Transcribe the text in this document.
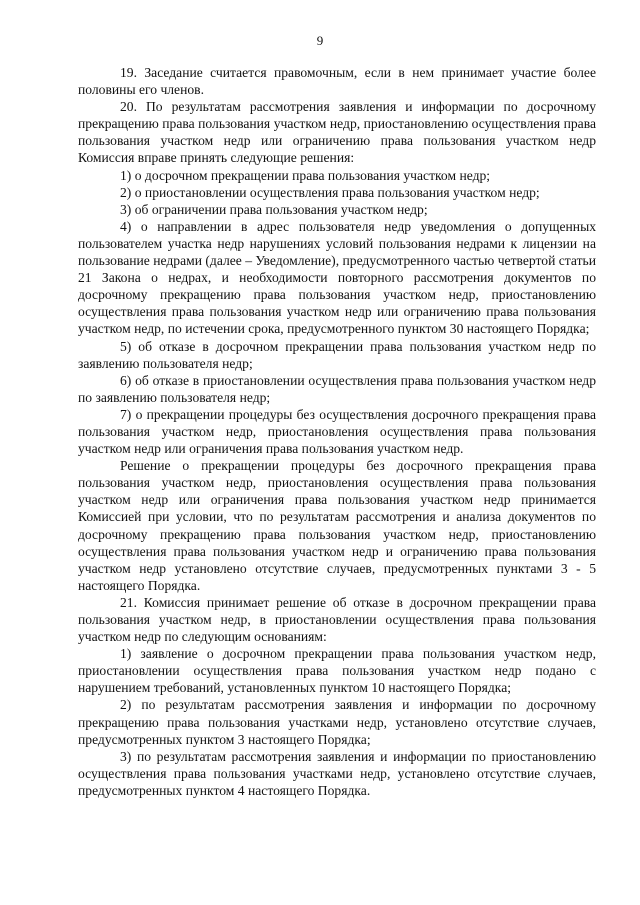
9

19. Заседание считается правомочным, если в нем принимает участие более половины его членов.

20. По результатам рассмотрения заявления и информации по досрочному прекращению права пользования участком недр, приостановлению осуществления права пользования участком недр или ограничению права пользования участком недр Комиссия вправе принять следующие решения:

1) о досрочном прекращении права пользования участком недр;

2) о приостановлении осуществления права пользования участком недр;

3) об ограничении права пользования участком недр;

4) о направлении в адрес пользователя недр уведомления о допущенных пользователем участка недр нарушениях условий пользования недрами к лицензии на пользование недрами (далее – Уведомление), предусмотренного частью четвертой статьи 21 Закона о недрах, и необходимости повторного рассмотрения документов по досрочному прекращению права пользования участком недр, приостановлению осуществления права пользования участком недр или ограничению права пользования участком недр, по истечении срока, предусмотренного пунктом 30 настоящего Порядка;

5) об отказе в досрочном прекращении права пользования участком недр по заявлению пользователя недр;

6) об отказе в приостановлении осуществления права пользования участком недр по заявлению пользователя недр;

7) о прекращении процедуры без осуществления досрочного прекращения права пользования участком недр, приостановления осуществления права пользования участком недр или ограничения права пользования участком недр.

Решение о прекращении процедуры без досрочного прекращения права пользования участком недр, приостановления осуществления права пользования участком недр или ограничения права пользования участком недр принимается Комиссией при условии, что по результатам рассмотрения и анализа документов по досрочному прекращению права пользования участком недр, приостановлению осуществления права пользования участком недр и ограничению права пользования участком недр установлено отсутствие случаев, предусмотренных пунктами 3 - 5 настоящего Порядка.

21. Комиссия принимает решение об отказе в досрочном прекращении права пользования участком недр, в приостановлении осуществления права пользования участком недр по следующим основаниям:

1) заявление о досрочном прекращении права пользования участком недр, приостановлении осуществления права пользования участком недр подано с нарушением требований, установленных пунктом 10 настоящего Порядка;

2) по результатам рассмотрения заявления и информации по досрочному прекращению права пользования участками недр, установлено отсутствие случаев, предусмотренных пунктом 3 настоящего Порядка;

3) по результатам рассмотрения заявления и информации по приостановлению осуществления права пользования участками недр, установлено отсутствие случаев, предусмотренных пунктом 4 настоящего Порядка.
